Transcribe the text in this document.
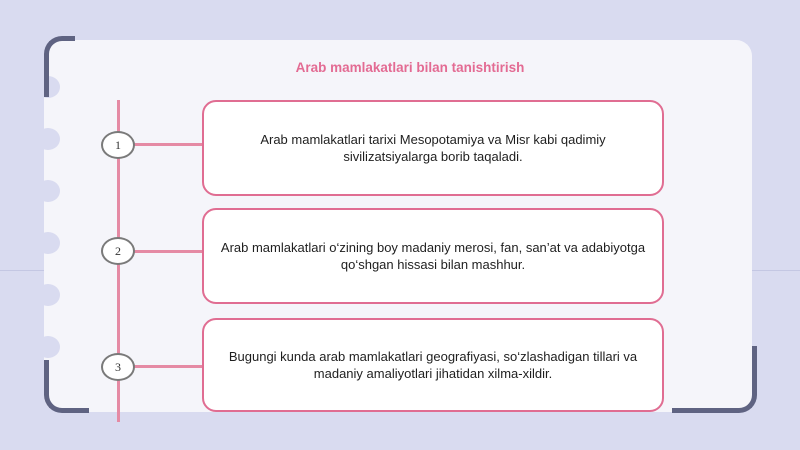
Arab mamlakatlari bilan tanishtirish
1	Arab mamlakatlari tarixi Mesopotamiya va Misr kabi qadimiy sivilizatsiyalarga borib taqaladi.
2	Arab mamlakatlari o‘zining boy madaniy merosi, fan, san’at va adabiyotga qo‘shgan hissasi bilan mashhur.
3
Bugungi kunda arab mamlakatlari geografiyasi, so‘zlashadigan tillari va madaniy amaliyotlari jihatidan xilma-xildir.
